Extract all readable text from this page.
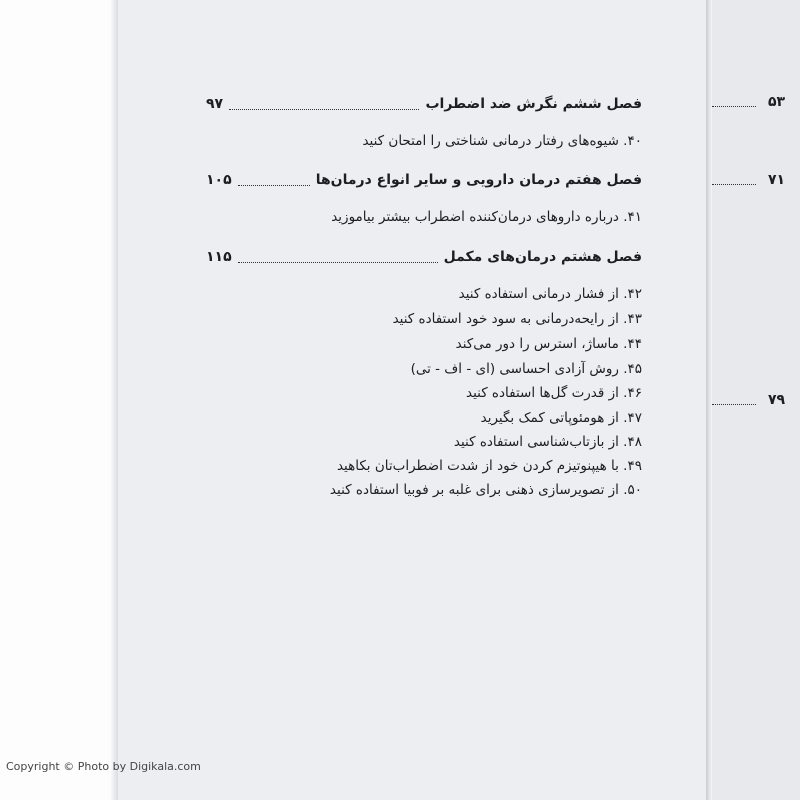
فصل ششم نگرش ضد اضطراب
۹۷
۴۰. شیوه‌های رفتار درمانی شناختی را امتحان کنید
فصل هفتم درمان دارویی و سایر انواع درمان‌ها
۱۰۵
۴۱. درباره داروهای درمان‌کننده اضطراب بیشتر بیاموزید
فصل هشتم درمان‌های مکمل
۱۱۵
۴۲. از فشار درمانی استفاده کنید
۴۳. از رایحه‌درمانی به سود خود استفاده کنید
۴۴. ماساژ، استرس را دور می‌کند
۴۵. روش آزادی احساسی (ای - اف - تی)
۴۶. از قدرت گل‌ها استفاده کنید
۴۷. از هومئوپاتی کمک بگیرید
۴۸. از بازتاب‌شناسی استفاده کنید
۴۹. با هیپنوتیزم کردن خود از شدت اضطراب‌تان بکاهید
۵۰. از تصویرسازی ذهنی برای غلبه بر فوبیا استفاده کنید
۵۳
۷۱
۷۹
Copyright © Photo by Digikala.com
